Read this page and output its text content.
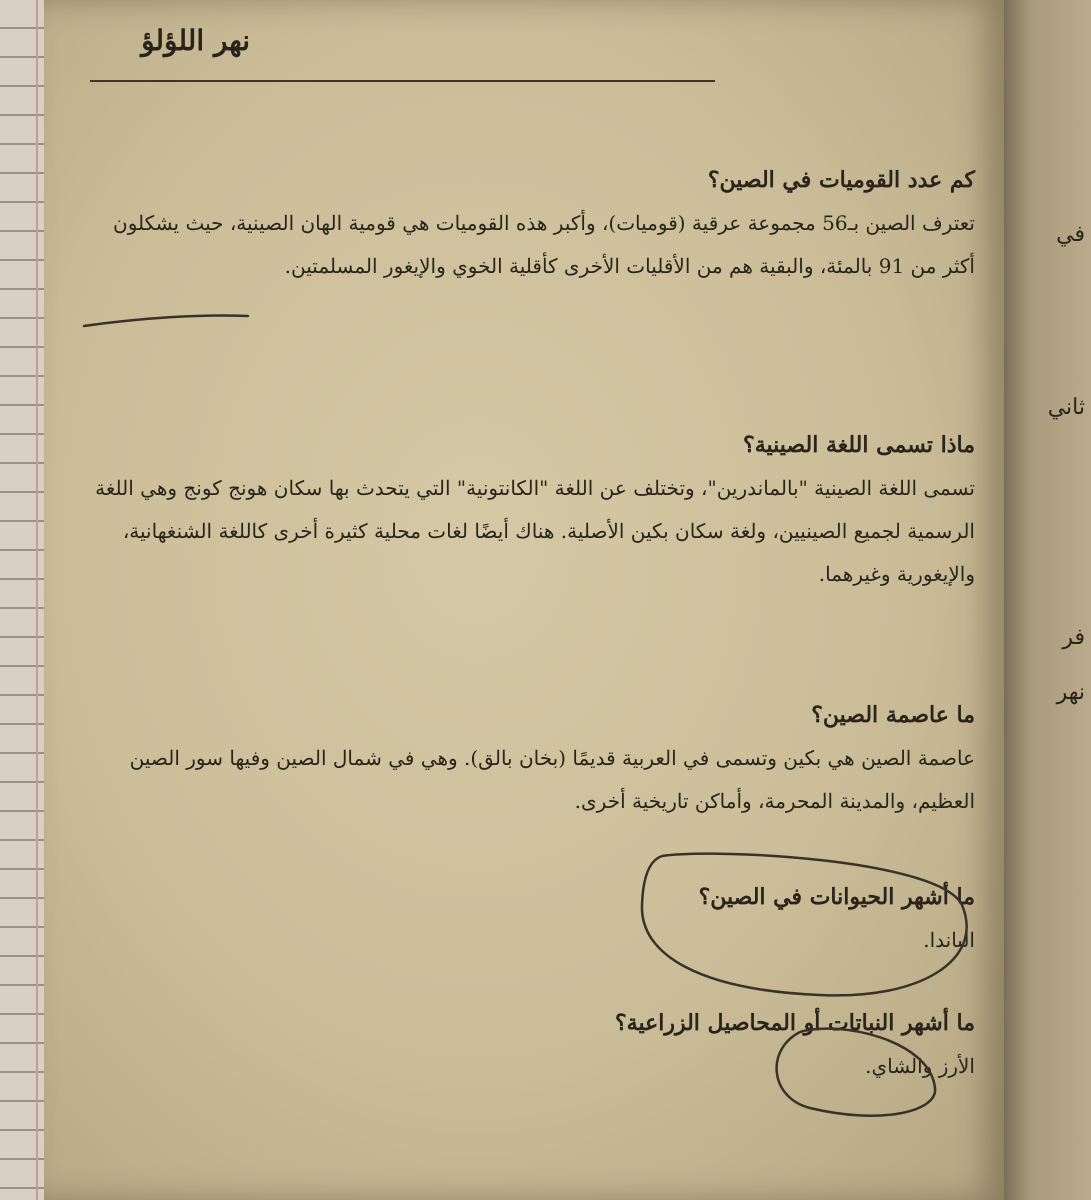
في
ثاني
فر
نهر
نهر اللؤلؤ

كم عدد القوميات في الصين؟

تعترف الصين بـ56 مجموعة عرقية (قوميات)، وأكبر هذه القوميات هي قومية الهان الصينية، حيث يشكلون أكثر من 91 بالمئة، والبقية هم من الأقليات الأخرى كأقلية الخوي والإيغور المسلمتين.

ماذا تسمى اللغة الصينية؟

تسمى اللغة الصينية "بالماندرين"، وتختلف عن اللغة "الكانتونية" التي يتحدث بها سكان هونج كونج وهي اللغة الرسمية لجميع الصينيين، ولغة سكان بكين الأصلية. هناك أيضًا لغات محلية كثيرة أخرى كاللغة الشنغهانية، والإيغورية وغيرهما.

ما عاصمة الصين؟

عاصمة الصين هي بكين وتسمى في العربية قديمًا (بخان بالق). وهي في شمال الصين وفيها سور الصين العظيم، والمدينة المحرمة، وأماكن تاريخية أخرى.

ما أشهر الحيوانات في الصين؟

الباندا.

ما أشهر النباتات أو المحاصيل الزراعية؟

الأرز والشاي.
